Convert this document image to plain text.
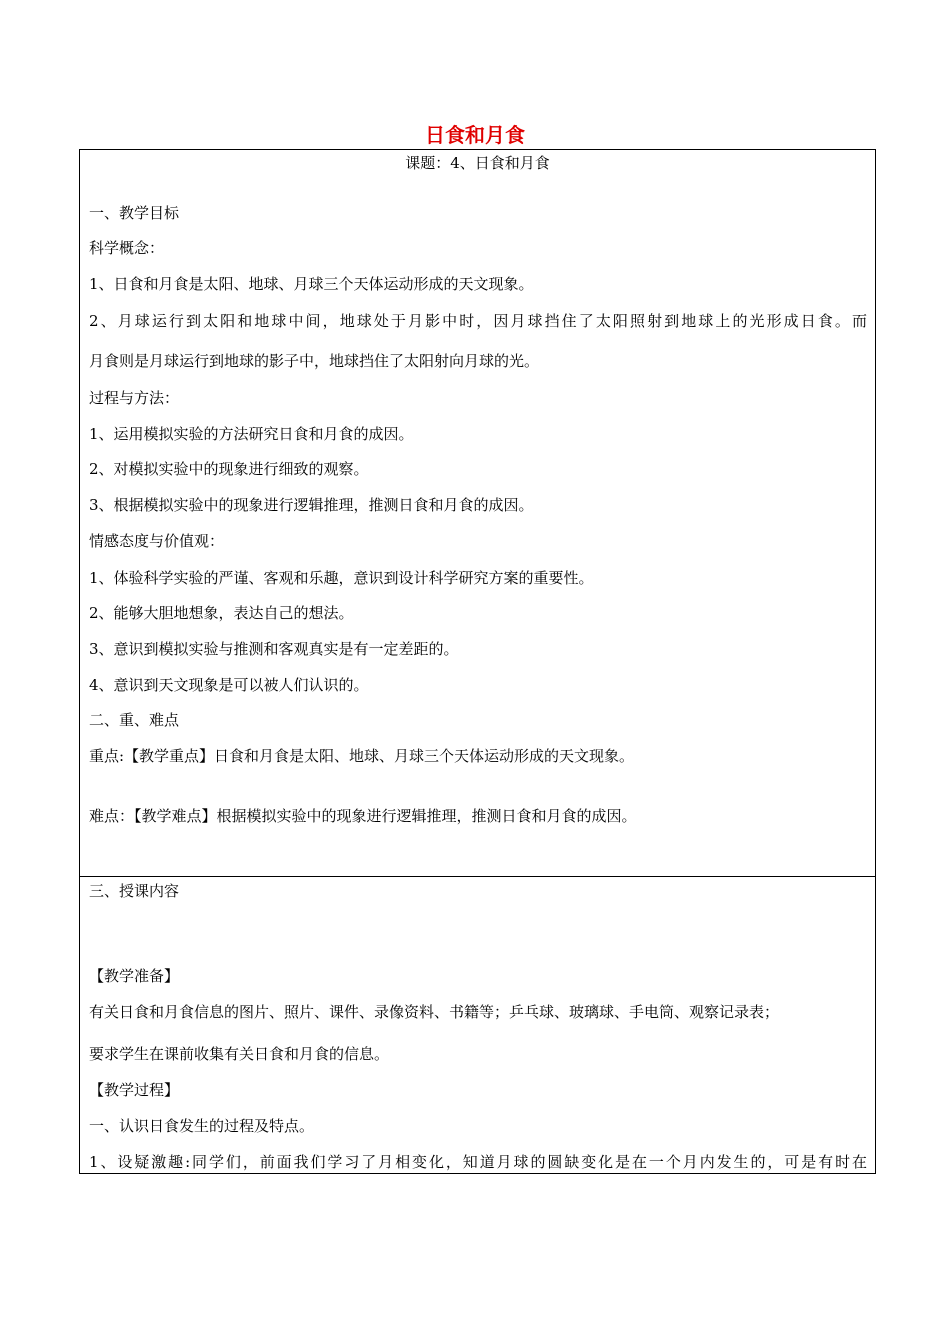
日食和月食
课题：4、日食和月食
一、教学目标
科学概念：
1、日食和月食是太阳、地球、月球三个天体运动形成的天文现象。
2、月球运行到太阳和地球中间，地球处于月影中时，因月球挡住了太阳照射到地球上的光形成日食。而
月食则是月球运行到地球的影子中，地球挡住了太阳射向月球的光。
过程与方法：
1、运用模拟实验的方法研究日食和月食的成因。
2、对模拟实验中的现象进行细致的观察。
3、根据模拟实验中的现象进行逻辑推理，推测日食和月食的成因。
情感态度与价值观：
1、体验科学实验的严谨、客观和乐趣，意识到设计科学研究方案的重要性。
2、能够大胆地想象，表达自己的想法。
3、意识到模拟实验与推测和客观真实是有一定差距的。
4、意识到天文现象是可以被人们认识的。
二、重、难点
重点:【教学重点】日食和月食是太阳、地球、月球三个天体运动形成的天文现象。
难点：【教学难点】根据模拟实验中的现象进行逻辑推理，推测日食和月食的成因。
三、授课内容
【教学准备】
有关日食和月食信息的图片、照片、课件、录像资料、书籍等；乒乓球、玻璃球、手电筒、观察记录表；
要求学生在课前收集有关日食和月食的信息。
【教学过程】
一、认识日食发生的过程及特点。
1、设疑激趣:同学们，前面我们学习了月相变化，知道月球的圆缺变化是在一个月内发生的，可是有时在
